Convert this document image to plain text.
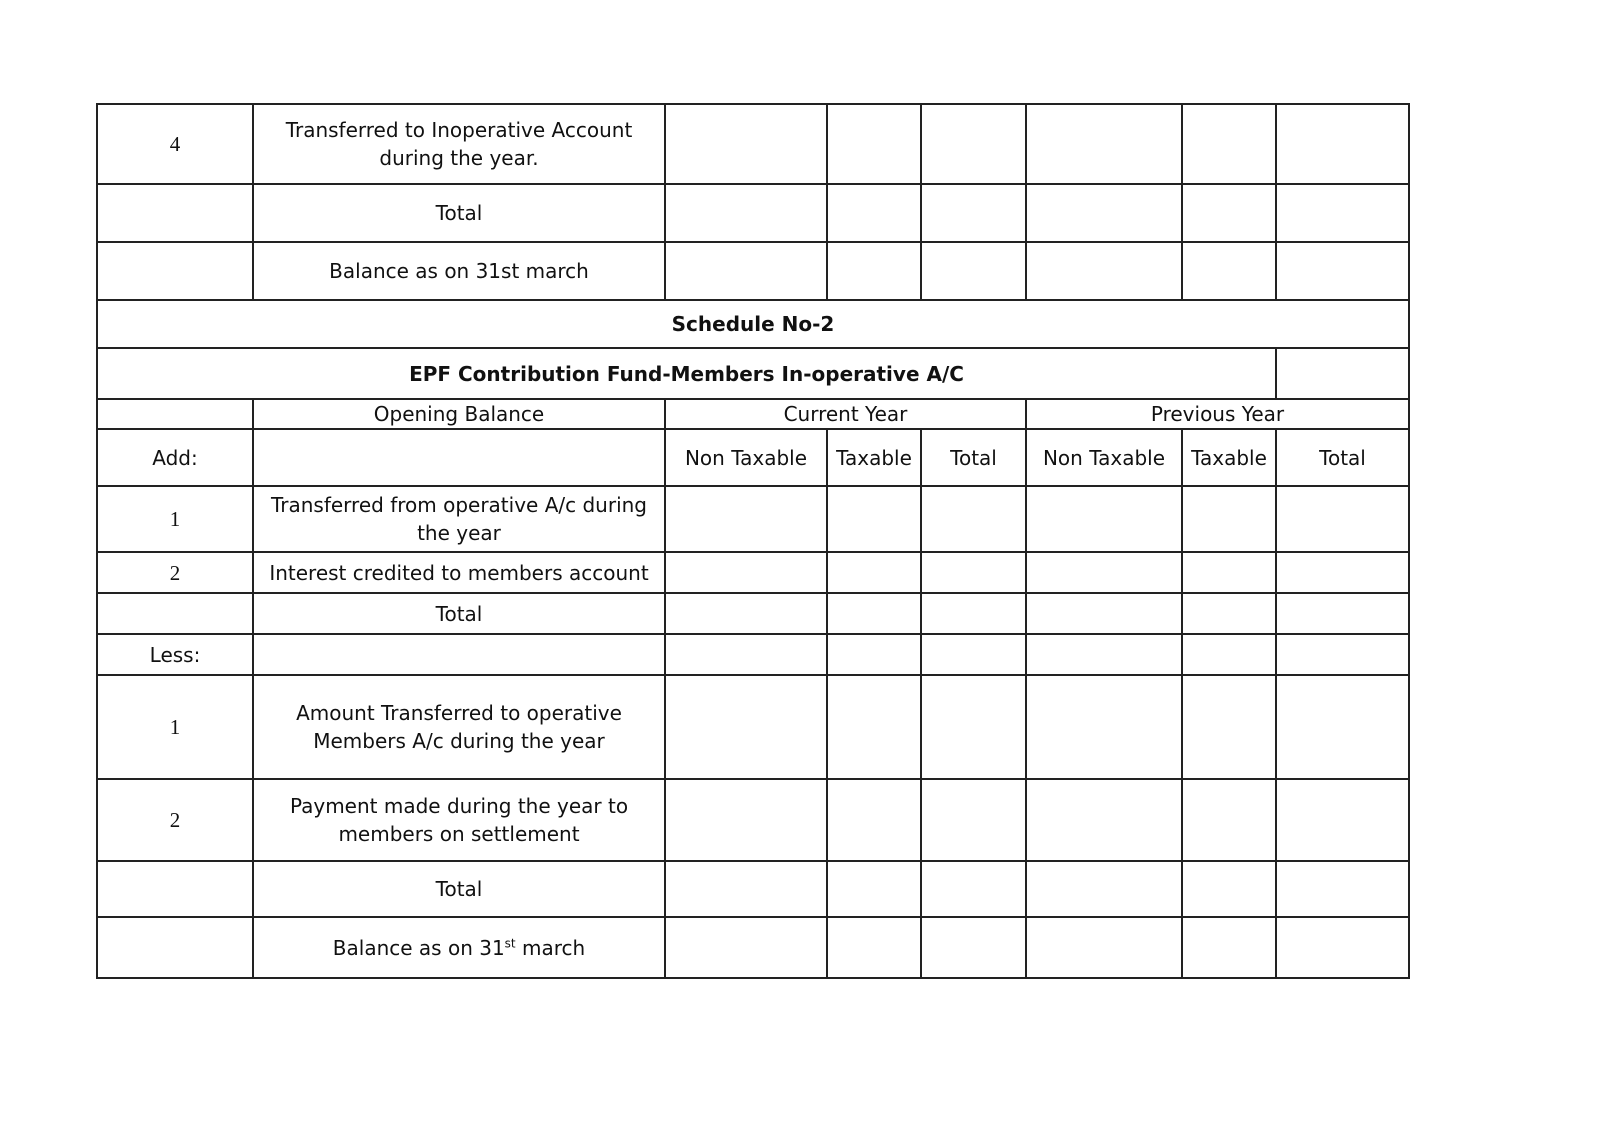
4	Transferred to Inoperative Account during the year.						
	Total						
	Balance as on 31st march						
Schedule No-2							
EPF Contribution Fund-Members In-operative A/C							
	Opening Balance	Current Year			Previous Year		
Add:		Non Taxable	Taxable	Total	Non Taxable	Taxable	Total
1	Transferred from operative A/c during the year						
2	Interest credited to members account						
	Total						
Less:							
1	Amount Transferred to operative Members A/c during the year						
2	Payment made during the year to members on settlement						
	Total						
	Balance as on 31st march						
